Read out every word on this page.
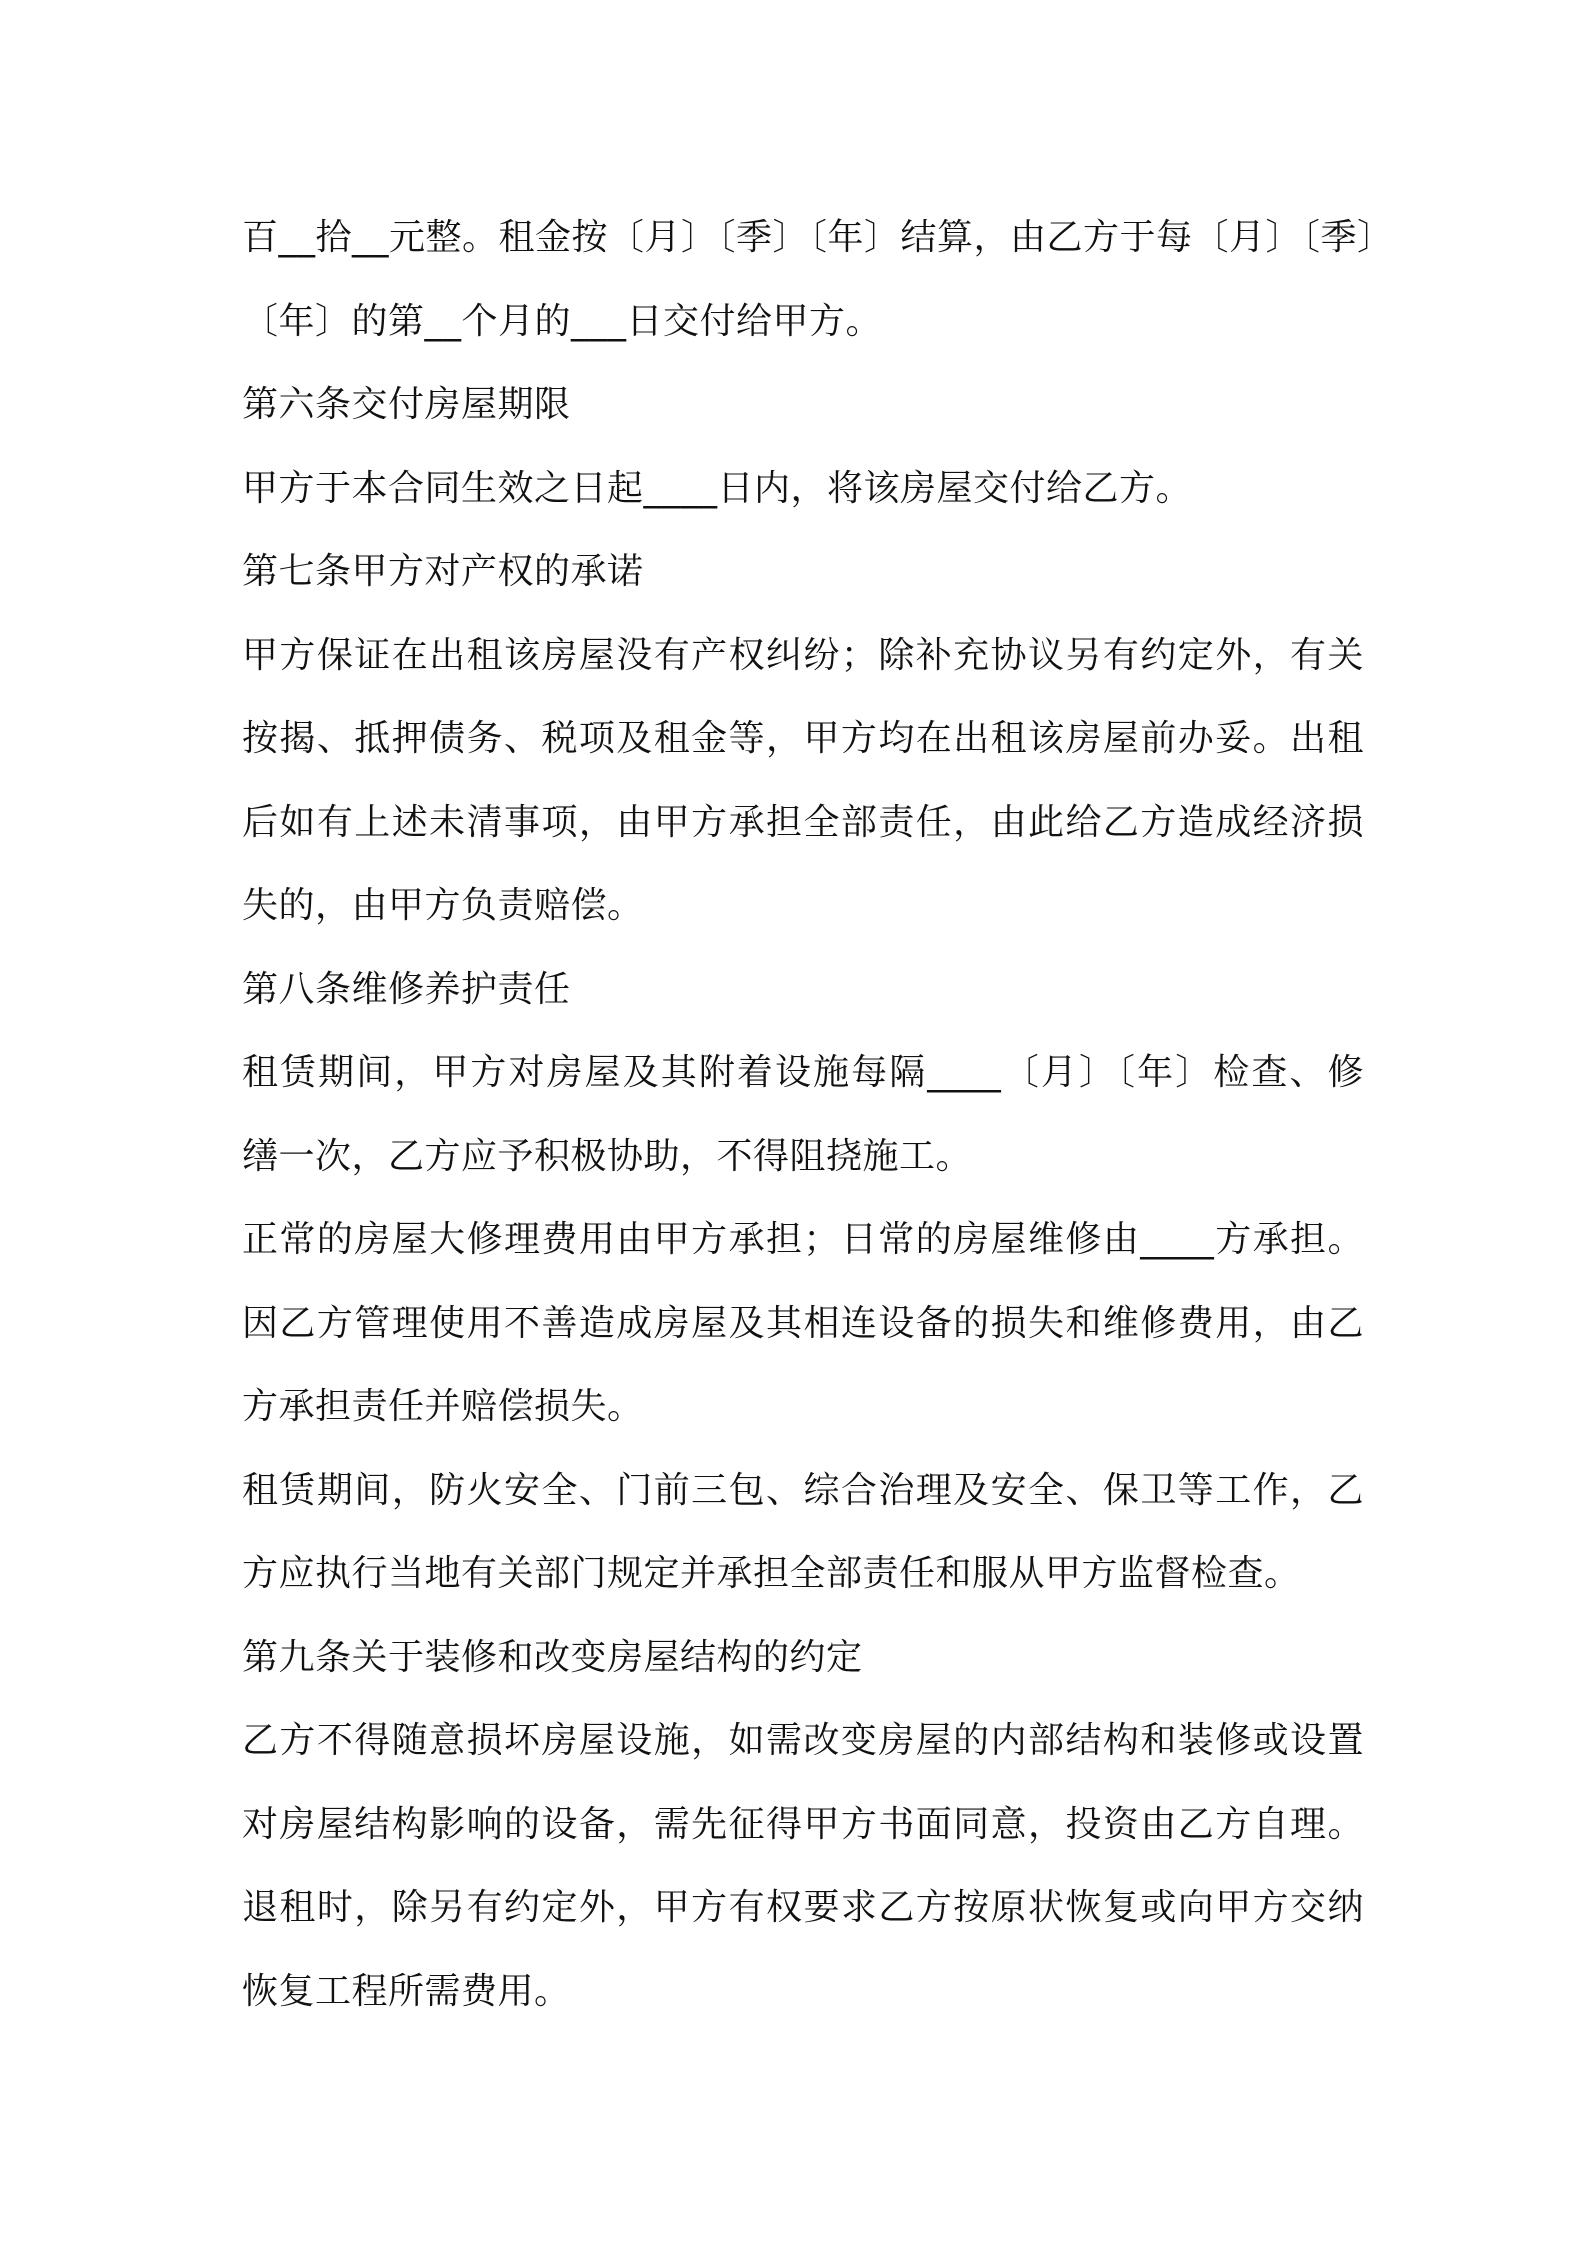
百__拾__元整。租金按〔月〕〔季〕〔年〕结算，由乙方于每〔月〕〔季〕
〔年〕的第__个月的___日交付给甲方。
第六条交付房屋期限
甲方于本合同生效之日起____日内，将该房屋交付给乙方。
第七条甲方对产权的承诺
甲方保证在出租该房屋没有产权纠纷；除补充协议另有约定外，有关
按揭、抵押债务、税项及租金等，甲方均在出租该房屋前办妥。出租
后如有上述未清事项，由甲方承担全部责任，由此给乙方造成经济损
失的，由甲方负责赔偿。
第八条维修养护责任
租赁期间，甲方对房屋及其附着设施每隔____〔月〕〔年〕检查、修
缮一次，乙方应予积极协助，不得阻挠施工。
正常的房屋大修理费用由甲方承担；日常的房屋维修由____方承担。
因乙方管理使用不善造成房屋及其相连设备的损失和维修费用，由乙
方承担责任并赔偿损失。
租赁期间，防火安全、门前三包、综合治理及安全、保卫等工作，乙
方应执行当地有关部门规定并承担全部责任和服从甲方监督检查。
第九条关于装修和改变房屋结构的约定
乙方不得随意损坏房屋设施，如需改变房屋的内部结构和装修或设置
对房屋结构影响的设备，需先征得甲方书面同意，投资由乙方自理。
退租时，除另有约定外，甲方有权要求乙方按原状恢复或向甲方交纳
恢复工程所需费用。
